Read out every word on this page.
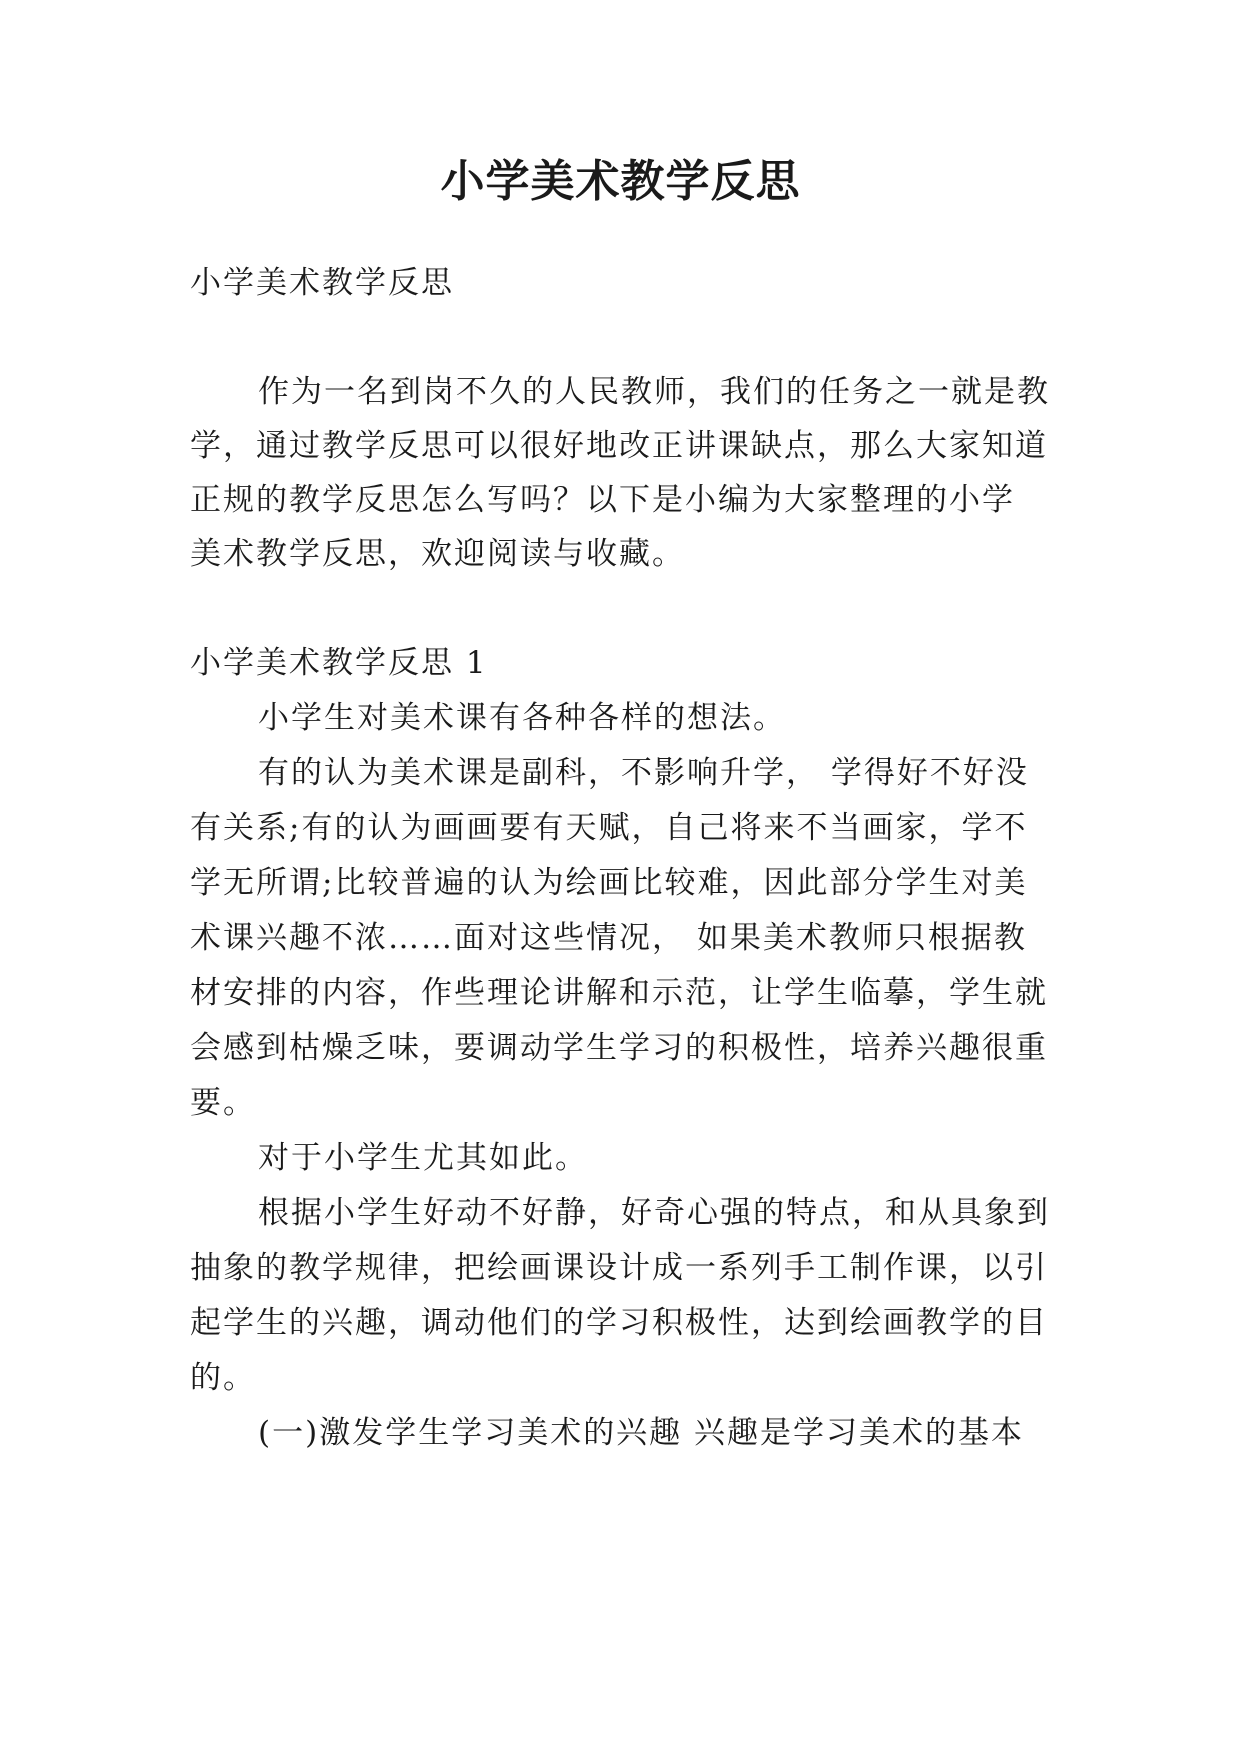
小学美术教学反思
小学美术教学反思
作为一名到岗不久的人民教师，我们的任务之一就是教
学，通过教学反思可以很好地改正讲课缺点，那么大家知道
正规的教学反思怎么写吗？以下是小编为大家整理的小学
美术教学反思，欢迎阅读与收藏。
小学美术教学反思 1
小学生对美术课有各种各样的想法。
有的认为美术课是副科，不影响升学， 学得好不好没
有关系;有的认为画画要有天赋，自己将来不当画家，学不
学无所谓;比较普遍的认为绘画比较难，因此部分学生对美
术课兴趣不浓……面对这些情况， 如果美术教师只根据教
材安排的内容，作些理论讲解和示范，让学生临摹，学生就
会感到枯燥乏味，要调动学生学习的积极性，培养兴趣很重
要。
对于小学生尤其如此。
根据小学生好动不好静，好奇心强的特点，和从具象到
抽象的教学规律，把绘画课设计成一系列手工制作课，以引
起学生的兴趣，调动他们的学习积极性，达到绘画教学的目
的。
(一)激发学生学习美术的兴趣 兴趣是学习美术的基本
